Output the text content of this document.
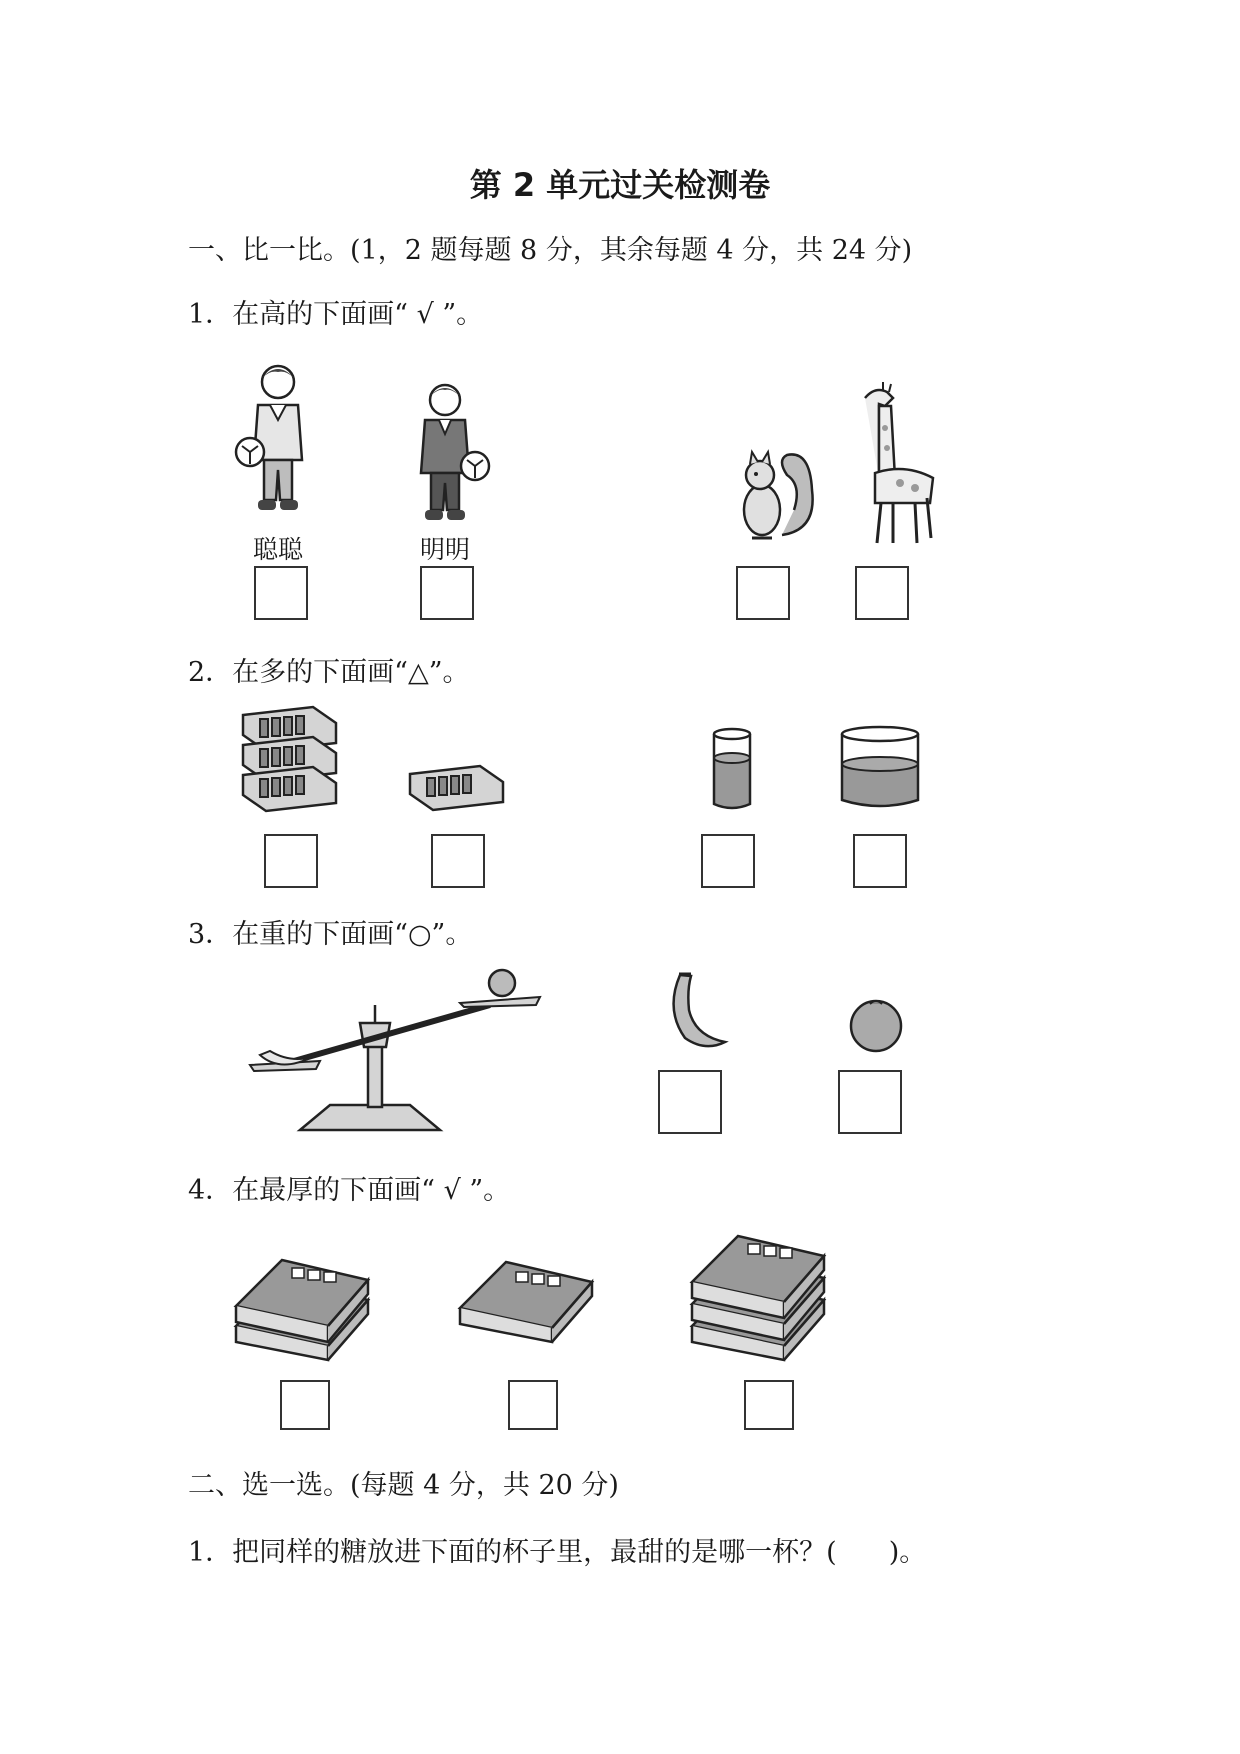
第 2 单元过关检测卷
一、比一比。(1，2 题每题 8 分，其余每题 4 分，共 24 分)
1．在高的下面画“ √ ”。
聪聪	明明
2．在多的下面画“△”。
3．在重的下面画“○”。
4．在最厚的下面画“ √ ”。
二、选一选。(每题 4 分，共 20 分)
1．把同样的糖放进下面的杯子里，最甜的是哪一杯？( )。
